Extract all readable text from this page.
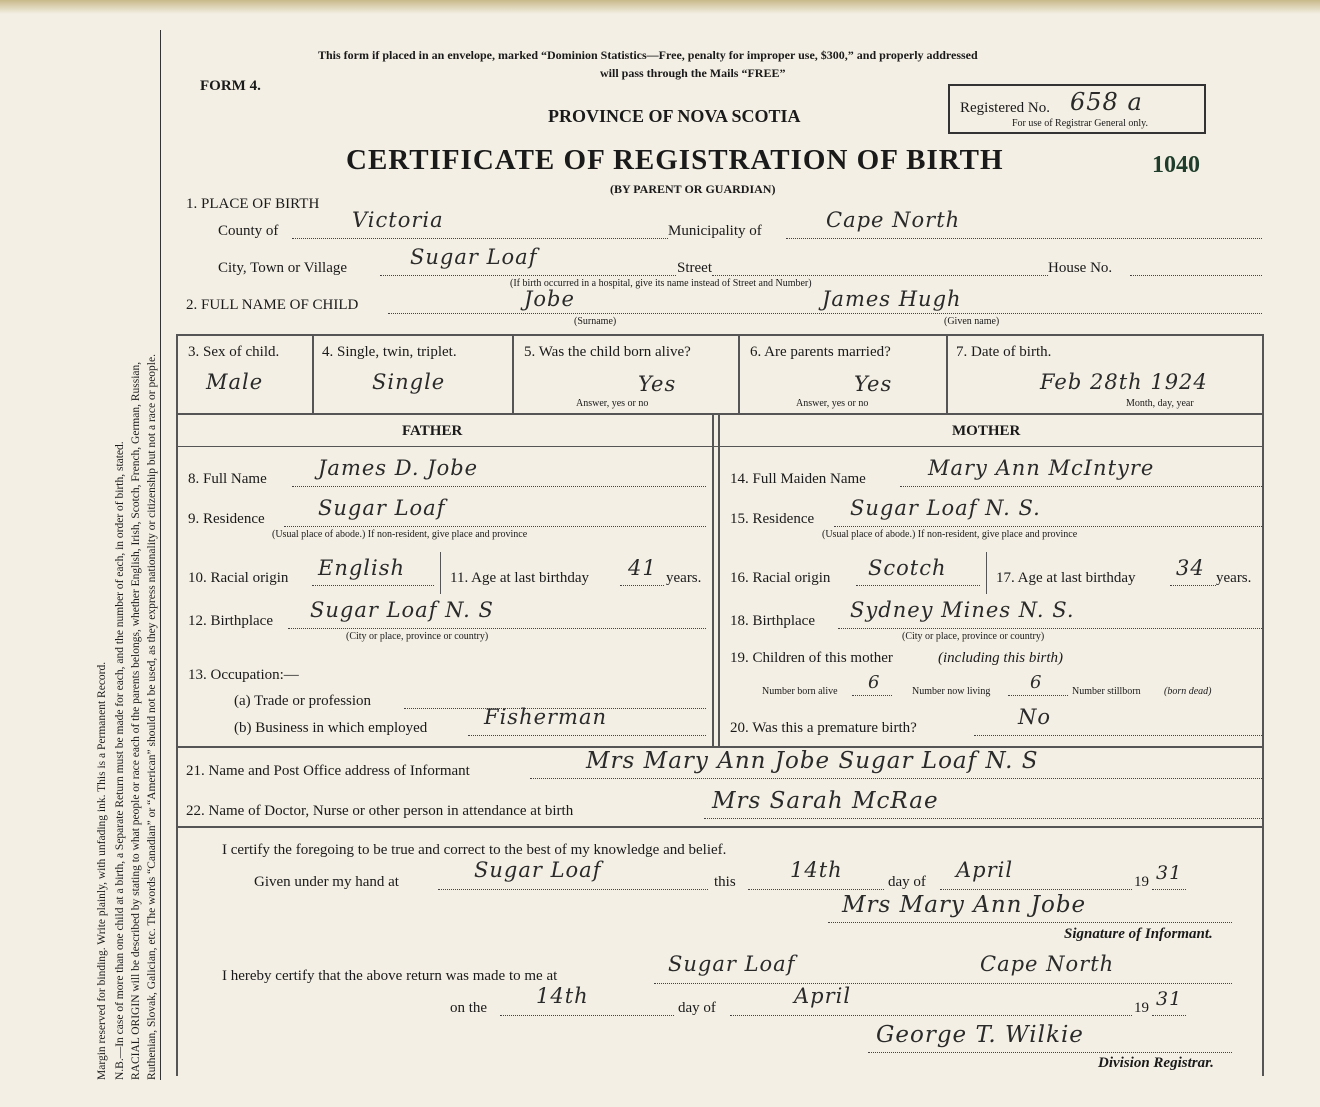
Margin reserved for binding. Write plainly, with unfading ink. This is a Permanent Record. N.B.—In case of more than one child at a birth, a Separate Return must be made for each, and the number of each, in order of birth, stated. RACIAL ORIGIN will be described by stating to what people or race each of the parents belongs, whether English, Irish, Scotch, French, German, Russian, Ruthenian, Slovak, Galician, etc. The words “Canadian” or “American” should not be used, as they express nationality or citizenship but not a race or people.
This form if placed in an envelope, marked “Dominion Statistics—Free, penalty for improper use, $300,” and properly addressed
will pass through the Mails “FREE”
FORM 4.
PROVINCE OF NOVA SCOTIA	Registered No. 658 a
For use of Registrar General only.
CERTIFICATE OF REGISTRATION OF BIRTH
(BY PARENT OR GUARDIAN)
1040
1. PLACE OF BIRTH
County of	Victoria	Municipality of	Cape North
City, Town or Village	Sugar Loaf	Street	House No.
(If birth occurred in a hospital, give its name instead of Street and Number)
2. FULL NAME OF CHILD	Jobe
(Surname)
James Hugh
(Given name)
3. Sex of child.
Male
4. Single, twin, triplet.
Single
5. Was the child born alive?
Yes
Answer, yes or no
6. Are parents married?
Yes
Answer, yes or no
7. Date of birth.
Feb 28th 1924
Month, day, year
FATHER	MOTHER
8. Full Name James D. Jobe
9. Residence	Sugar Loaf
(Usual place of abode.) If non-resident, give place and province
10. Racial origin English	11. Age at last birthday 41 years.
12. Birthplace Sugar Loaf N. S
(City or place, province or country)
13. Occupation:—
(a) Trade or profession
(b) Business in which employed	Fisherman
14. Full Maiden Name	Mary Ann McIntyre
15. Residence Sugar Loaf N. S.
(Usual place of abode.) If non-resident, give place and province
16. Racial origin Scotch	17. Age at last birthday 34 years.
18. Birthplace Sydney Mines N. S.
(City or place, province or country)
19. Children of this mother	(including this birth)
Number born alive 6	Number now living 6	Number stillborn (born dead)
20. Was this a premature birth?	No
21. Name and Post Office address of Informant	Mrs Mary Ann Jobe Sugar Loaf N. S
22. Name of Doctor, Nurse or other person in attendance at birth	Mrs Sarah McRae
I certify the foregoing to be true and correct to the best of my knowledge and belief.
Given under my hand at	Sugar Loaf	this	14th	day of April	19 31
Mrs Mary Ann Jobe
Signature of Informant.
I hereby certify that the above return was made to me at	Sugar Loaf	Cape North
on the 14th	day of	April	19 31
George T. Wilkie
Division Registrar.
